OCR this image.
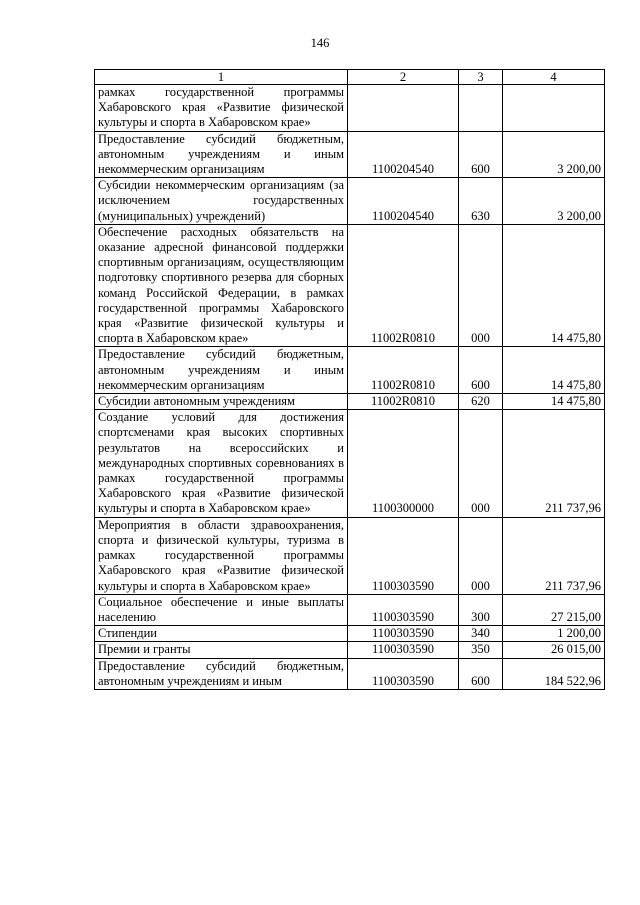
146
1	2	3	4
рамках государственной программы Хабаровского края «Развитие физической культуры и спорта в Хабаровском крае»			
Предоставление субсидий бюджетным, автономным учреждениям и иным некоммерческим организациям	1100204540	600	3 200,00
Субсидии некоммерческим организациям (за исключением государственных (муниципальных) учреждений)	1100204540	630	3 200,00
Обеспечение расходных обязательств на оказание адресной финансовой поддержки спортивным организациям, осуществляющим подготовку спортивного резерва для сборных команд Российской Федерации, в рамках государственной программы Хабаровского края «Развитие физической культуры и спорта в Хабаровском крае»	11002R0810	000	14 475,80
Предоставление субсидий бюджетным, автономным учреждениям и иным некоммерческим организациям	11002R0810	600	14 475,80
Субсидии автономным учреждениям	11002R0810	620	14 475,80
Создание условий для достижения спортсменами края высоких спортивных результатов на всероссийских и международных спортивных соревнованиях в рамках государственной программы Хабаровского края «Развитие физической культуры и спорта в Хабаровском крае»	1100300000	000	211 737,96
Мероприятия в области здравоохранения, спорта и физической культуры, туризма в рамках государственной программы Хабаровского края «Развитие физической культуры и спорта в Хабаровском крае»	1100303590	000	211 737,96
Социальное обеспечение и иные выплаты населению	1100303590	300	27 215,00
Стипендии	1100303590	340	1 200,00
Премии и гранты	1100303590	350	26 015,00
Предоставление субсидий бюджетным, автономным учреждениям и иным	1100303590	600	184 522,96
